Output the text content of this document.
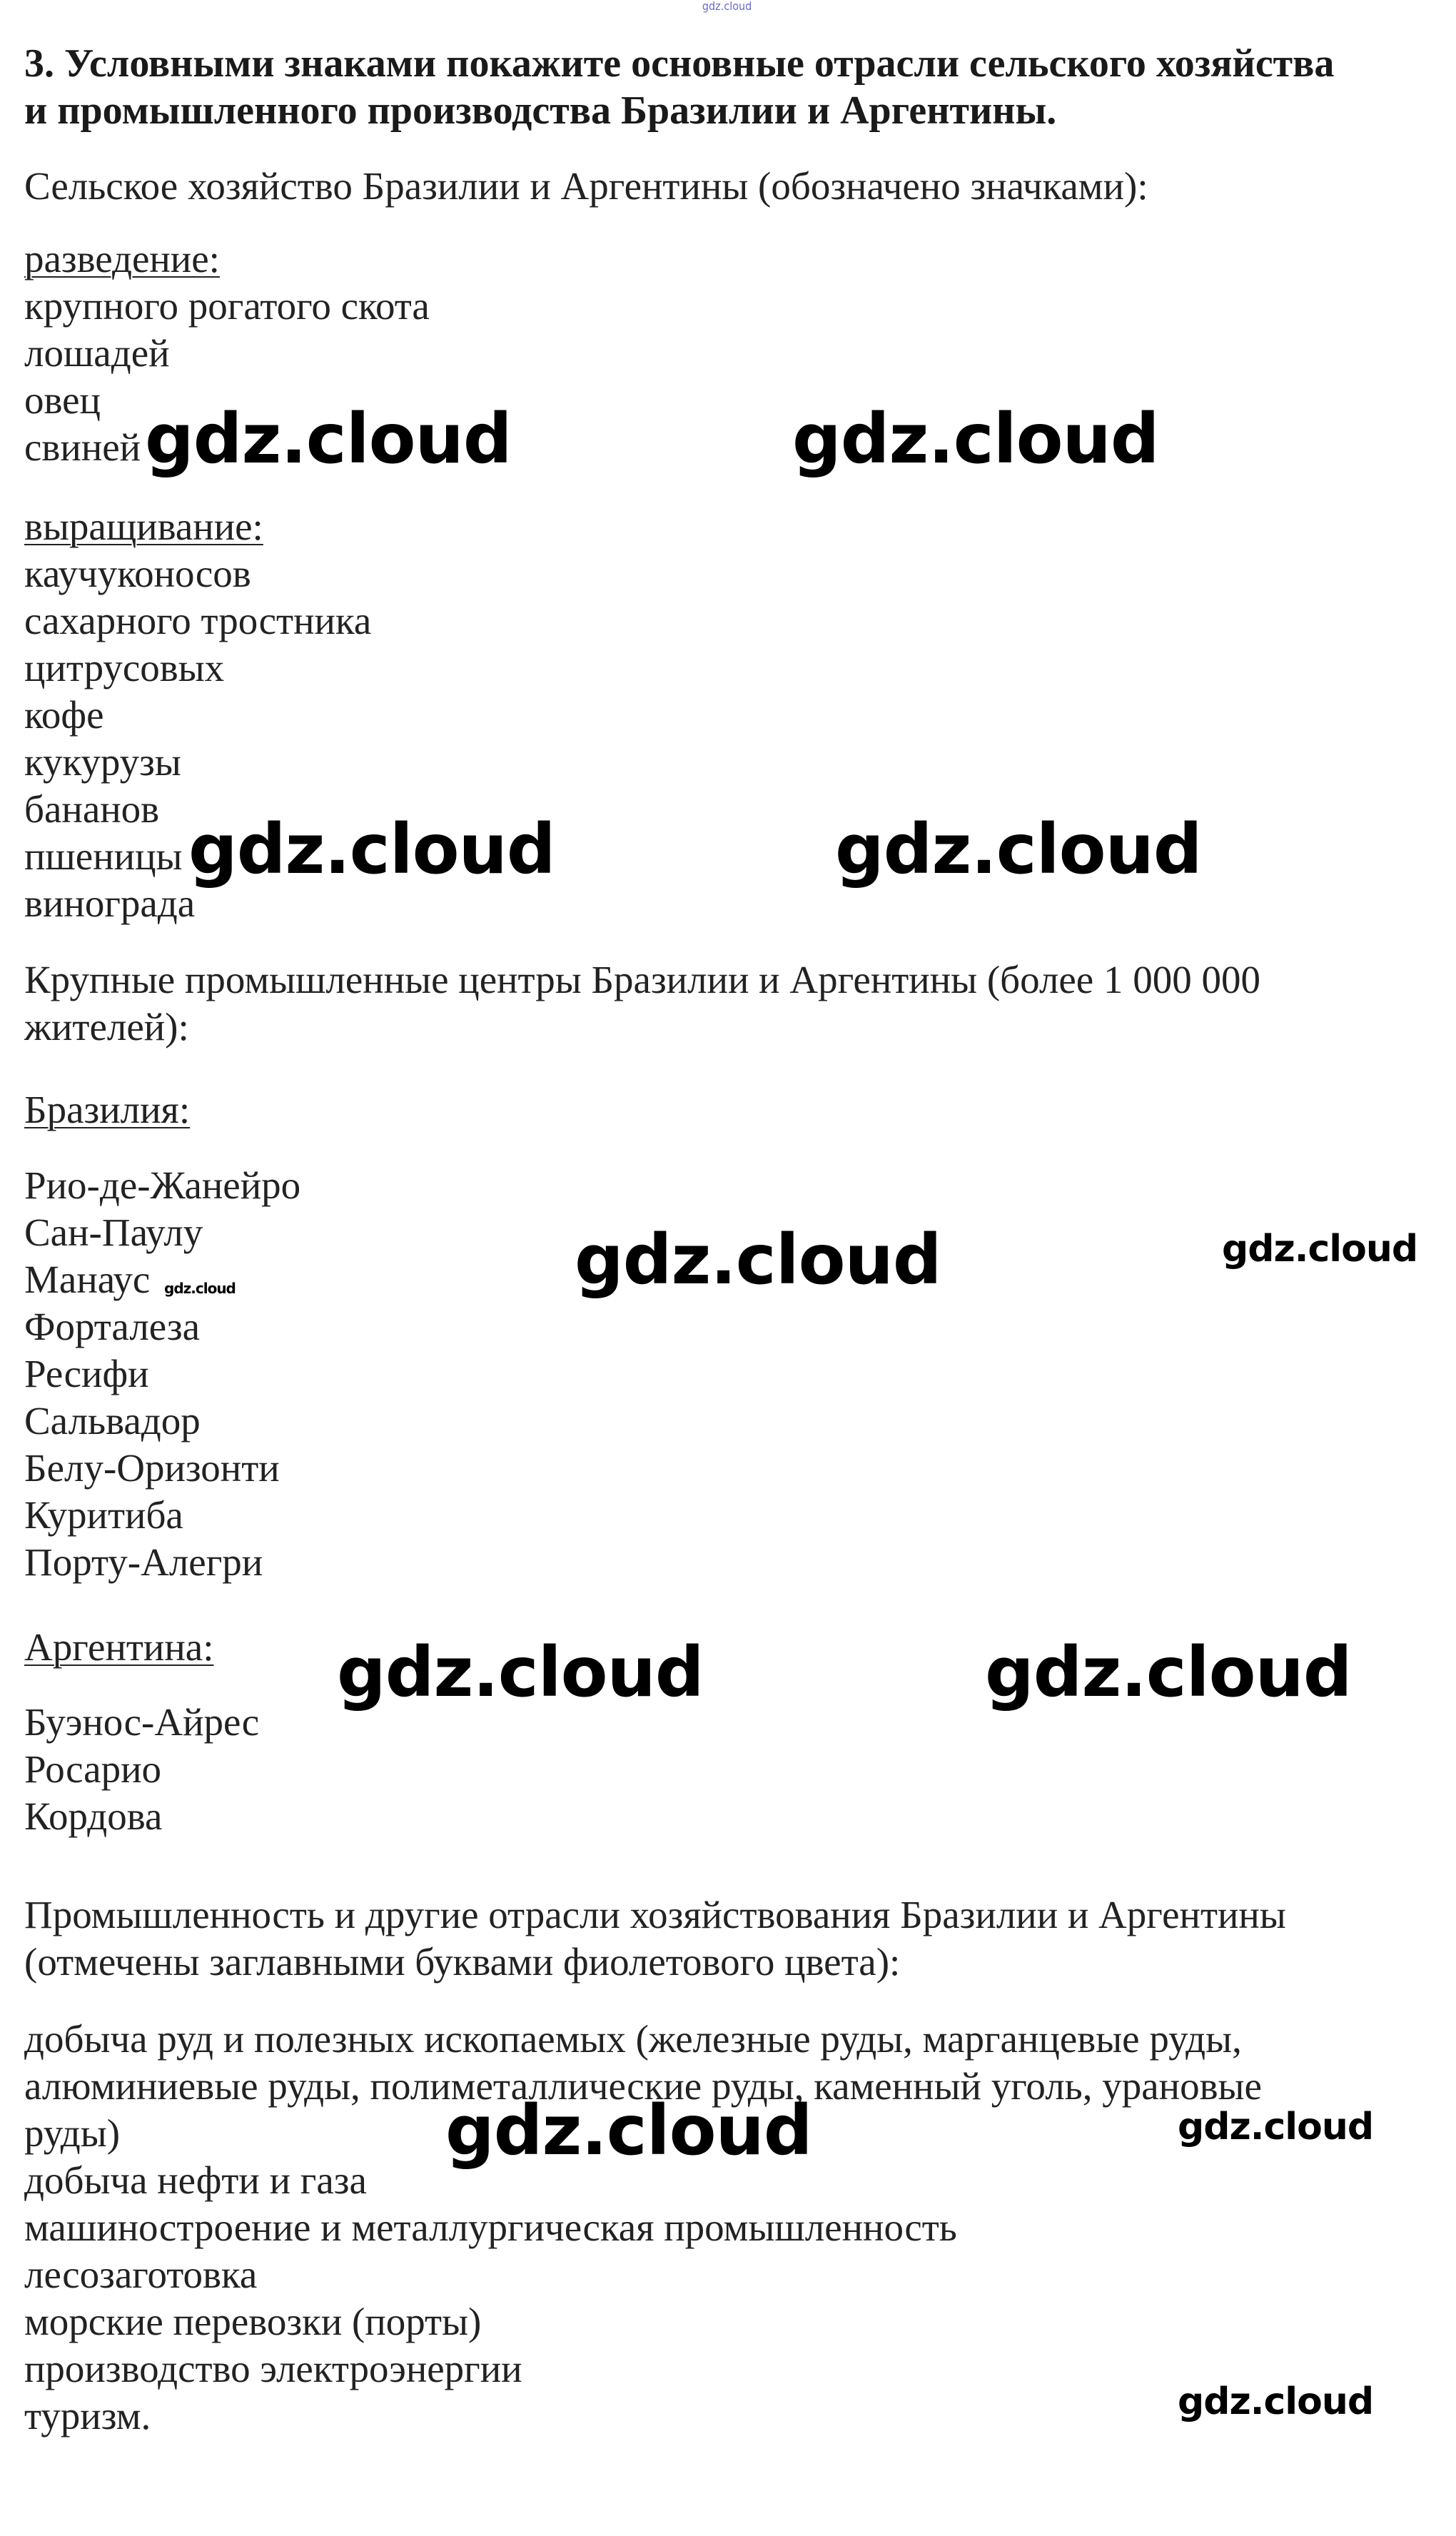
gdz.cloud

3. Условными знаками покажите основные отрасли сельского хозяйства

и промышленного производства Бразилии и Аргентины.

Сельское хозяйство Бразилии и Аргентины (обозначено значками):

разведение:

крупного рогатого скота

лошадей

овец

свиней

выращивание:

каучуконосов

сахарного тростника

цитрусовых

кофе

кукурузы

бананов

пшеницы

винограда

Крупные промышленные центры Бразилии и Аргентины (более 1 000 000

жителей):

Бразилия:

Рио-де-Жанейро

Сан-Паулу

Манаус

Форталеза

Ресифи

Сальвадор

Белу-Оризонти

Куритиба

Порту-Алегри

Аргентина:

Буэнос-Айрес

Росарио

Кордова

Промышленность и другие отрасли хозяйствования Бразилии и Аргентины

(отмечены заглавными буквами фиолетового цвета):

добыча руд и полезных ископаемых (железные руды, марганцевые руды,

алюминиевые руды, полиметаллические руды, каменный уголь, урановые

руды)

добыча нефти и газа

машиностроение и металлургическая промышленность

лесозаготовка

морские перевозки (порты)

производство электроэнергии

туризм.

gdz.cloud	gdz.cloud
gdz.cloud	gdz.cloud
gdz.cloud	gdz.cloud
gdz.cloud
gdz.cloud	gdz.cloud
gdz.cloud	gdz.cloud
gdz.cloud
